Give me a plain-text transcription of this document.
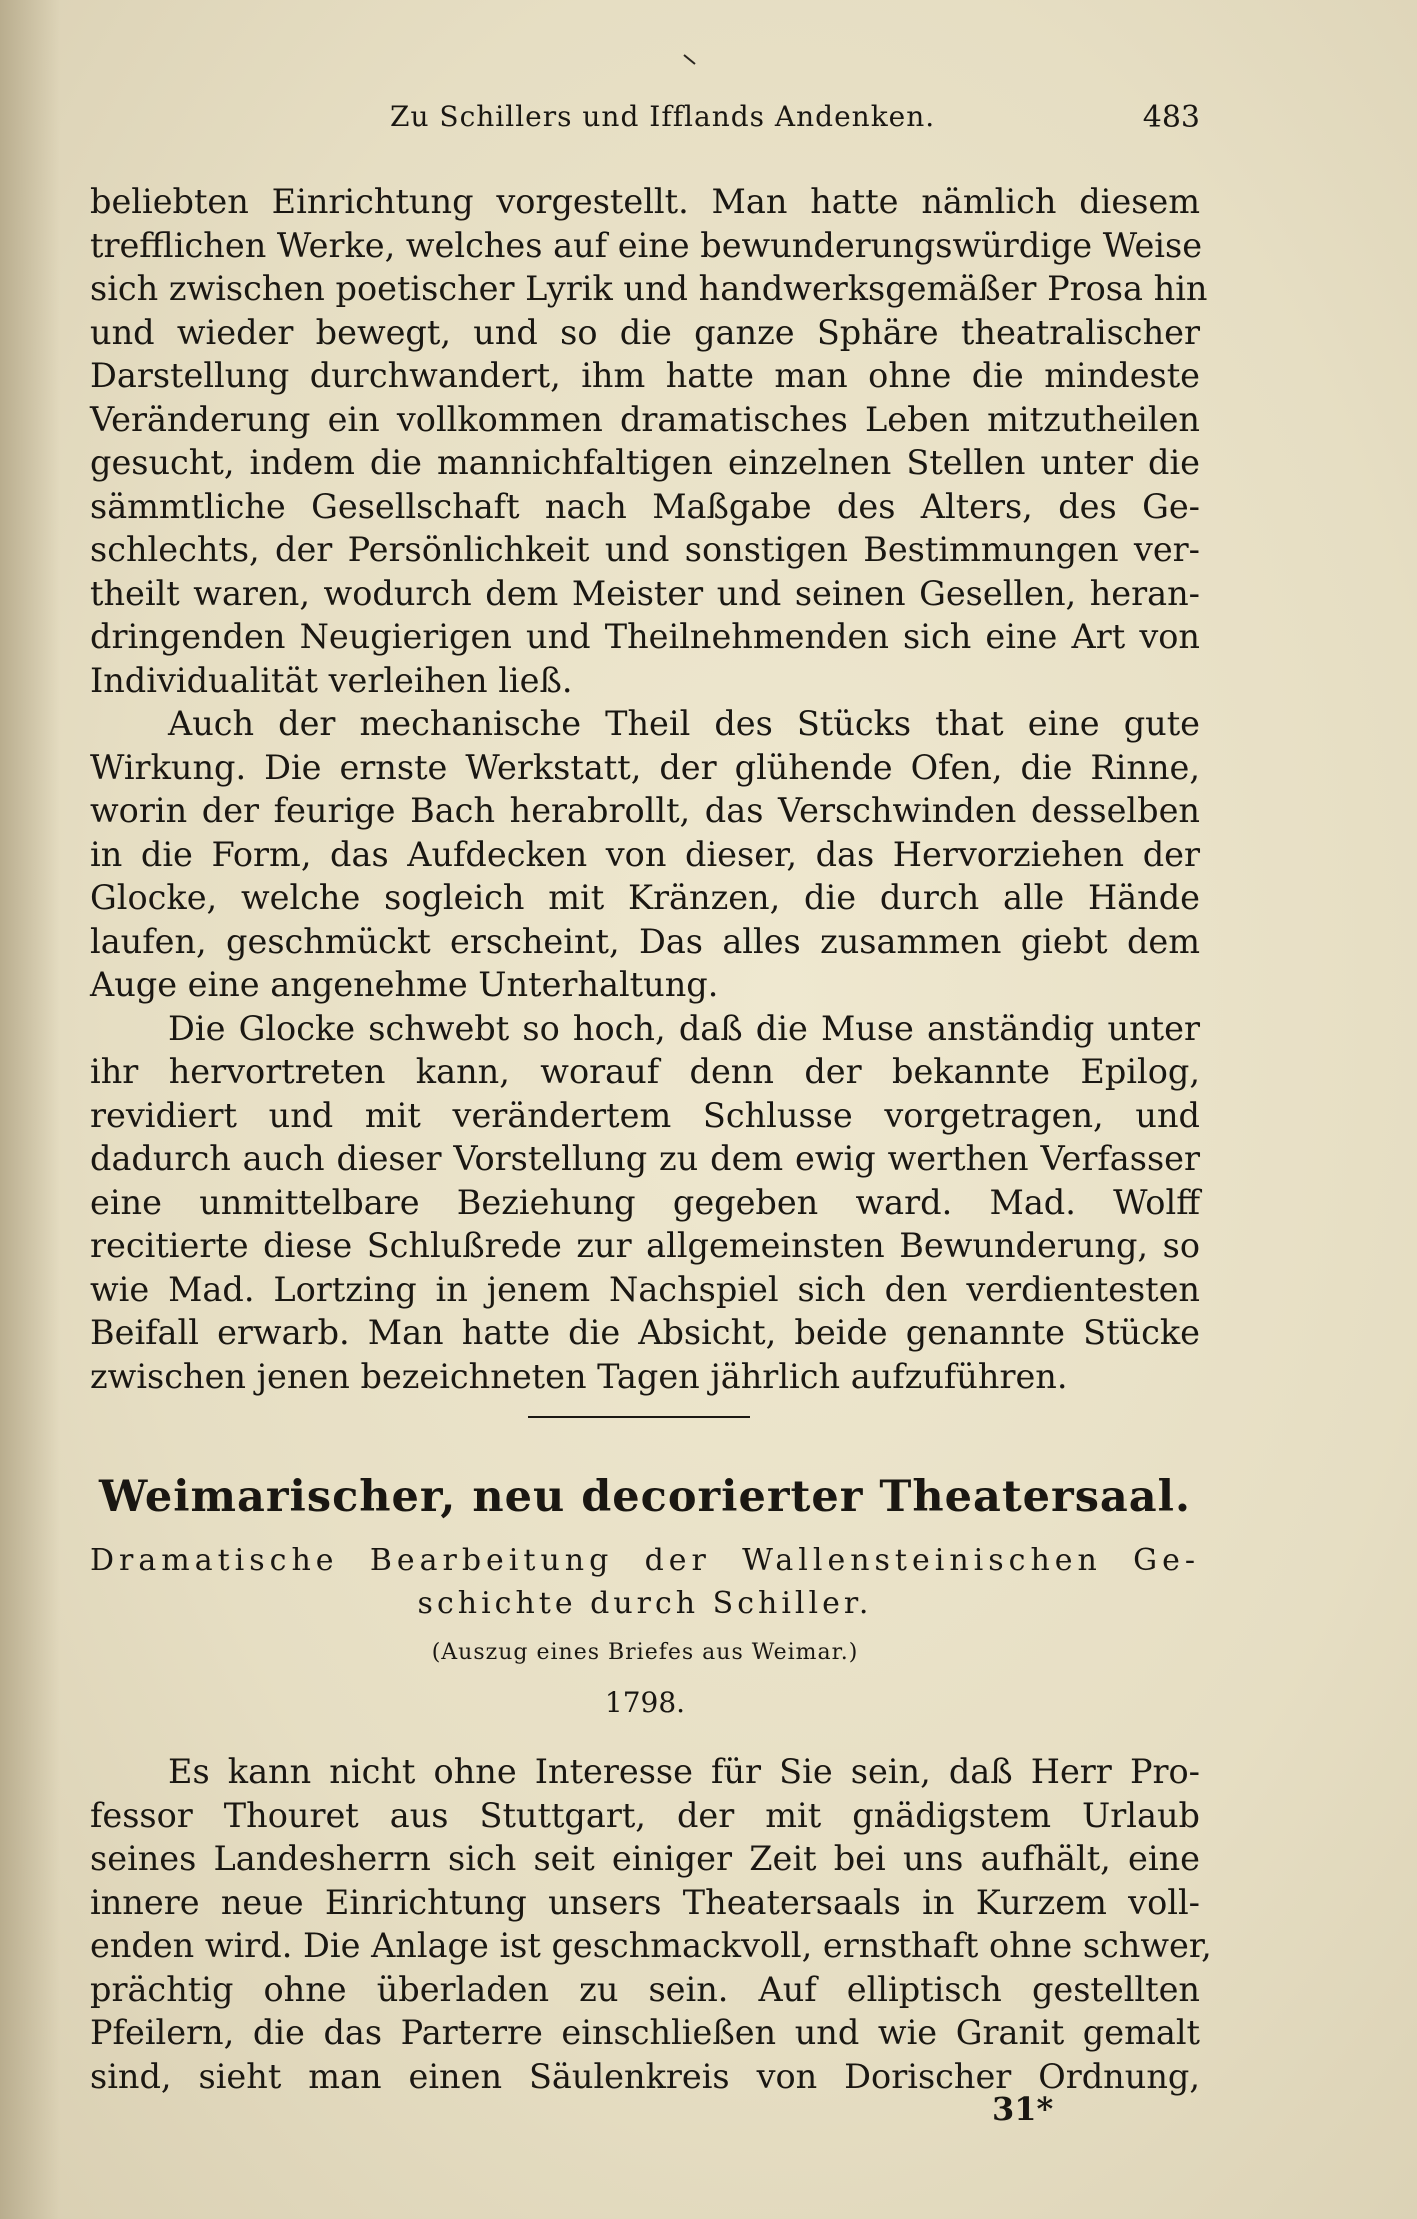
Zu Schillers und Ifflands Andenken.	483
beliebten Einrichtung vorgestellt. Man hatte nämlich diesem
trefflichen Werke, welches auf eine bewunderungswürdige Weise
sich zwischen poetischer Lyrik und handwerksgemäßer Prosa hin
und wieder bewegt, und so die ganze Sphäre theatralischer
Darstellung durchwandert, ihm hatte man ohne die mindeste
Veränderung ein vollkommen dramatisches Leben mitzutheilen
gesucht, indem die mannichfaltigen einzelnen Stellen unter die
sämmtliche Gesellschaft nach Maßgabe des Alters, des Ge-
schlechts, der Persönlichkeit und sonstigen Bestimmungen ver-
theilt waren, wodurch dem Meister und seinen Gesellen, heran-
dringenden Neugierigen und Theilnehmenden sich eine Art von
Individualität verleihen ließ.
Auch der mechanische Theil des Stücks that eine gute
Wirkung. Die ernste Werkstatt, der glühende Ofen, die Rinne,
worin der feurige Bach herabrollt, das Verschwinden desselben
in die Form, das Aufdecken von dieser, das Hervorziehen der
Glocke, welche sogleich mit Kränzen, die durch alle Hände
laufen, geschmückt erscheint, Das alles zusammen giebt dem
Auge eine angenehme Unterhaltung.
Die Glocke schwebt so hoch, daß die Muse anständig unter
ihr hervortreten kann, worauf denn der bekannte Epilog,
revidiert und mit verändertem Schlusse vorgetragen, und
dadurch auch dieser Vorstellung zu dem ewig werthen Verfasser
eine unmittelbare Beziehung gegeben ward. Mad. Wolff
recitierte diese Schlußrede zur allgemeinsten Bewunderung, so
wie Mad. Lortzing in jenem Nachspiel sich den verdientesten
Beifall erwarb. Man hatte die Absicht, beide genannte Stücke
zwischen jenen bezeichneten Tagen jährlich aufzuführen.
Weimarischer, neu decorierter Theatersaal.
Dramatische Bearbeitung der Wallensteinischen Ge-
schichte durch Schiller.
(Auszug eines Briefes aus Weimar.)
1798.
Es kann nicht ohne Interesse für Sie sein, daß Herr Pro-
fessor Thouret aus Stuttgart, der mit gnädigstem Urlaub
seines Landesherrn sich seit einiger Zeit bei uns aufhält, eine
innere neue Einrichtung unsers Theatersaals in Kurzem voll-
enden wird. Die Anlage ist geschmackvoll, ernsthaft ohne schwer,
prächtig ohne überladen zu sein. Auf elliptisch gestellten
Pfeilern, die das Parterre einschließen und wie Granit gemalt
sind, sieht man einen Säulenkreis von Dorischer Ordnung,
31*
